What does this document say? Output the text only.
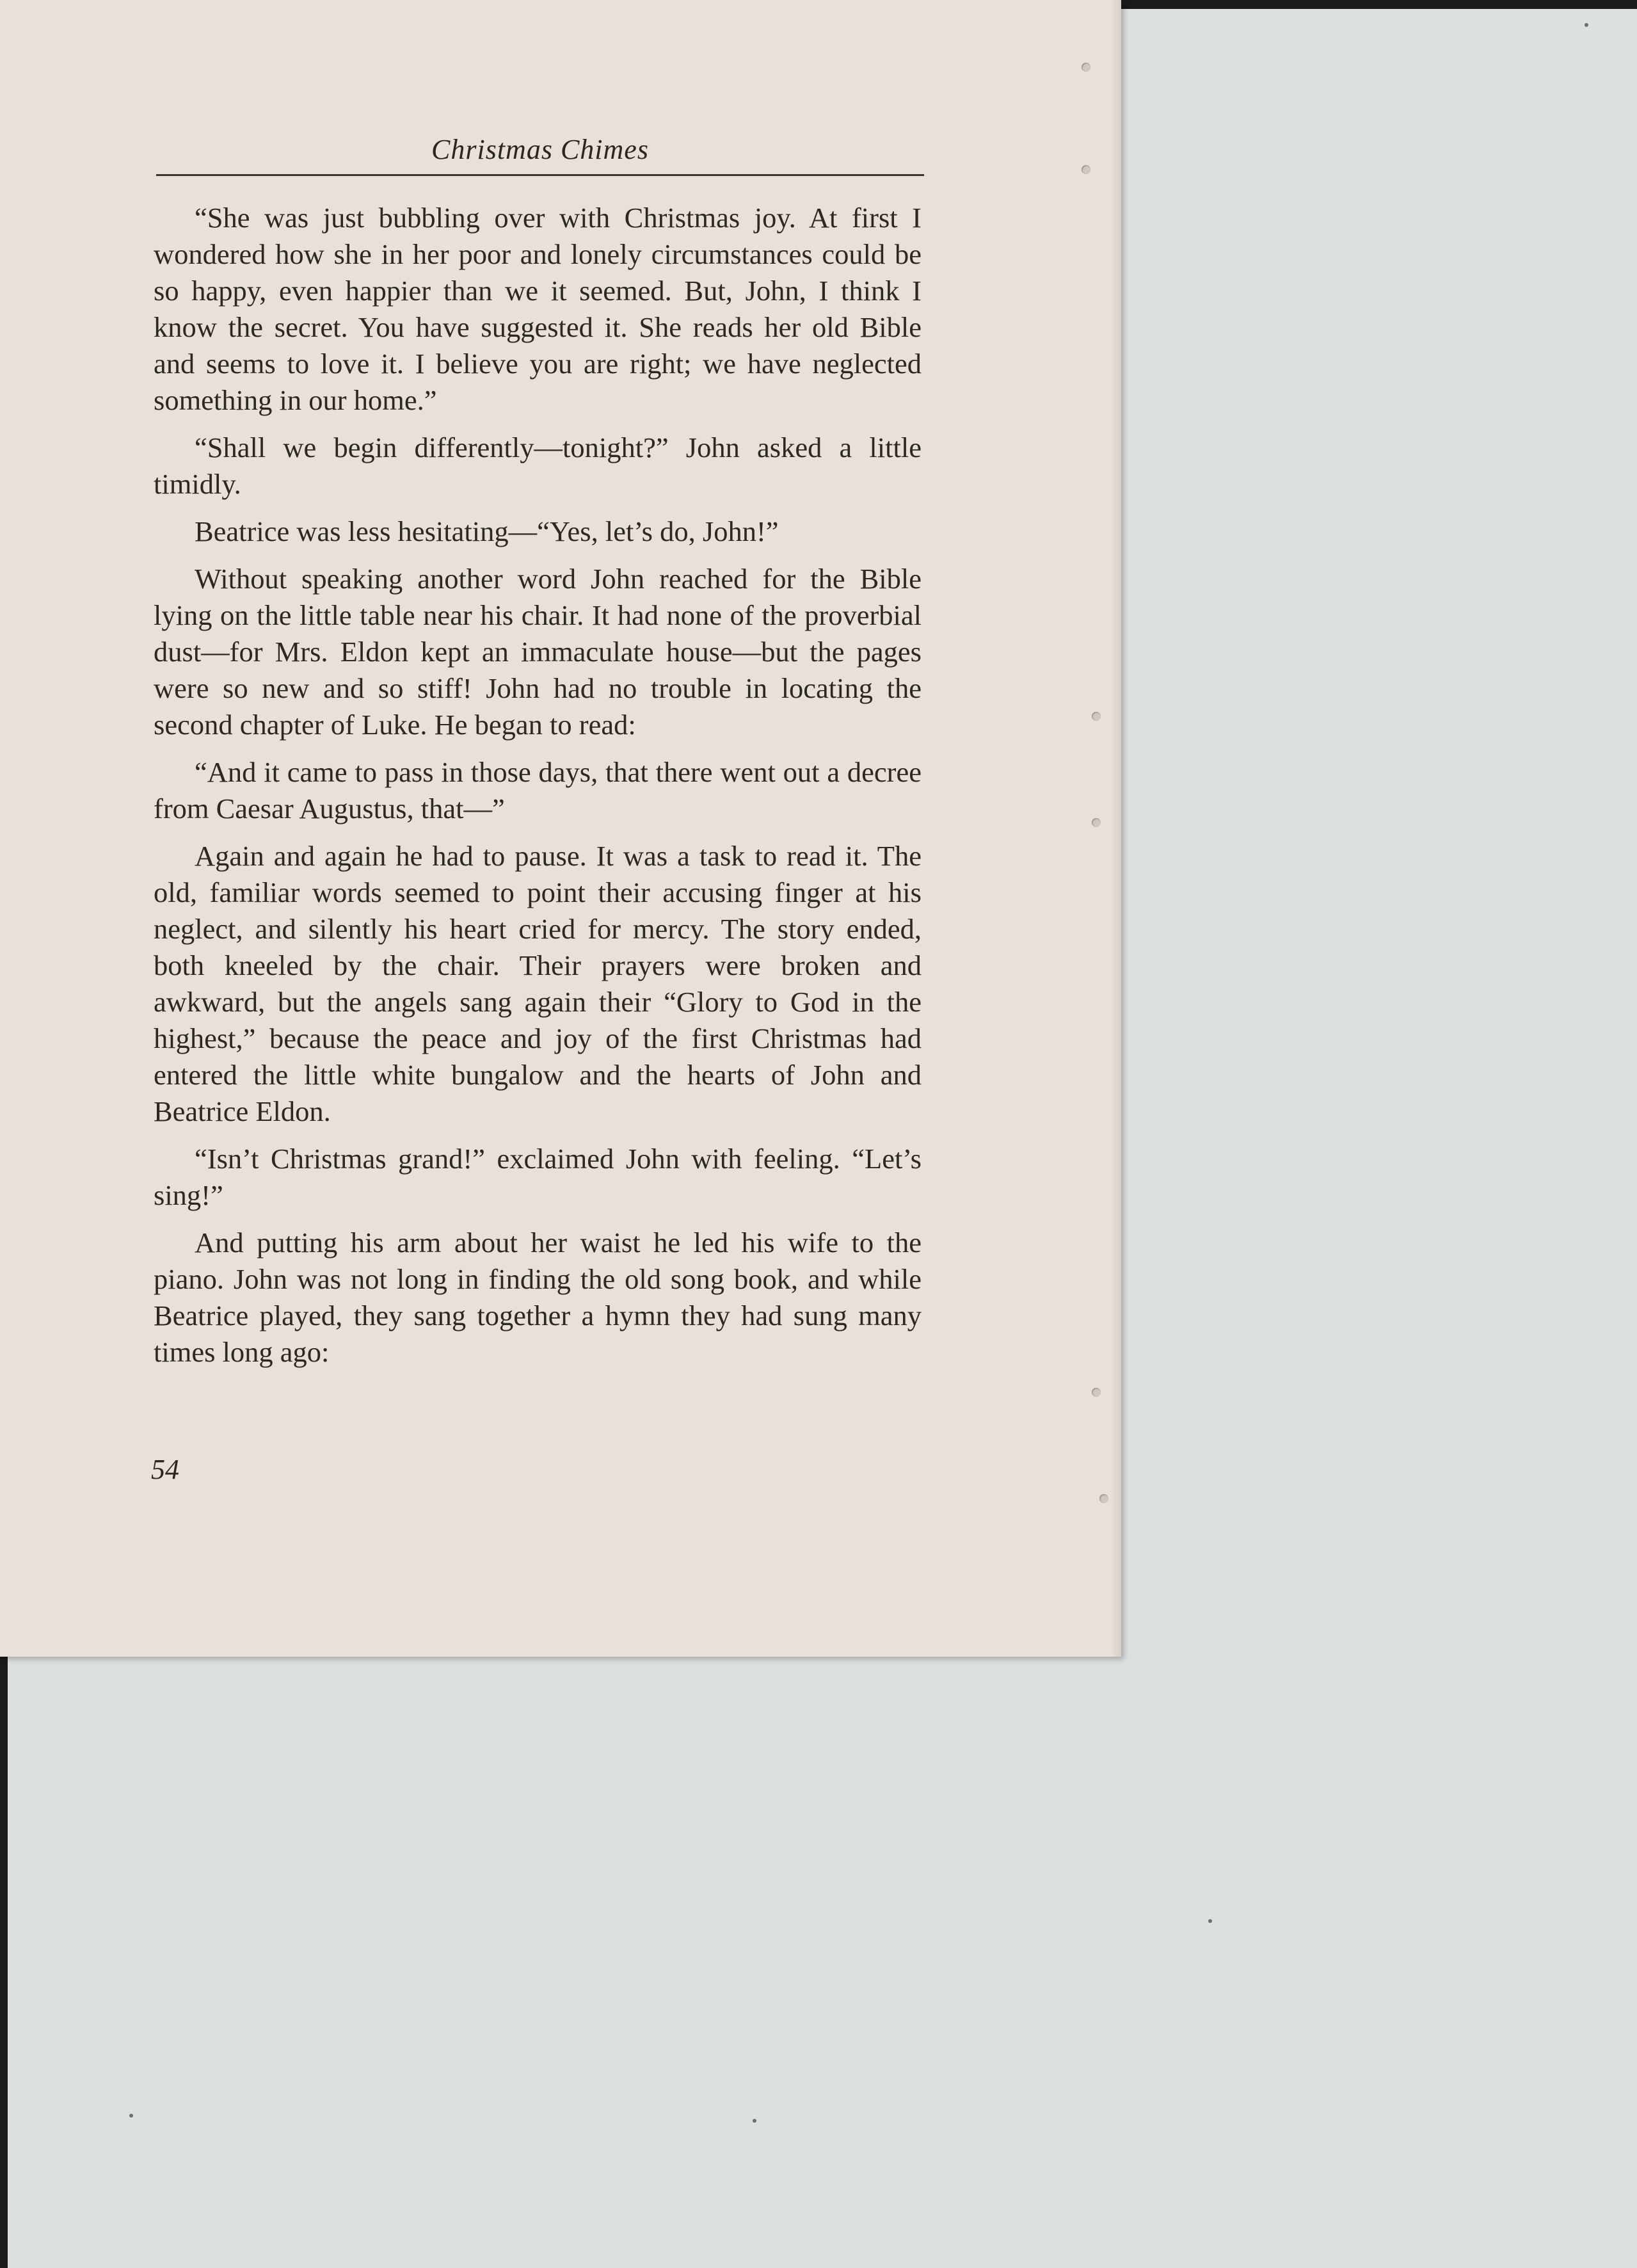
Christmas Chimes

“She was just bubbling over with Christmas joy. At first I wondered how she in her poor and lonely circumstances could be so happy, even happier than we it seemed. But, John, I think I know the secret. You have suggested it. She reads her old Bible and seems to love it. I believe you are right; we have neglected something in our home.”

“Shall we begin differently—tonight?” John asked a little timidly.

Beatrice was less hesitating—“Yes, let’s do, John!”

Without speaking another word John reached for the Bible lying on the little table near his chair. It had none of the proverbial dust—for Mrs. Eldon kept an immaculate house—but the pages were so new and so stiff! John had no trouble in locating the second chapter of Luke. He began to read:

“And it came to pass in those days, that there went out a decree from Caesar Augustus, that—”

Again and again he had to pause. It was a task to read it. The old, familiar words seemed to point their accusing finger at his neglect, and silently his heart cried for mercy. The story ended, both kneeled by the chair. Their prayers were broken and awkward, but the angels sang again their “Glory to God in the highest,” because the peace and joy of the first Christmas had entered the little white bungalow and the hearts of John and Beatrice Eldon.

“Isn’t Christmas grand!” exclaimed John with feeling. “Let’s sing!”

And putting his arm about her waist he led his wife to the piano. John was not long in finding the old song book, and while Beatrice played, they sang together a hymn they had sung many times long ago:

54
